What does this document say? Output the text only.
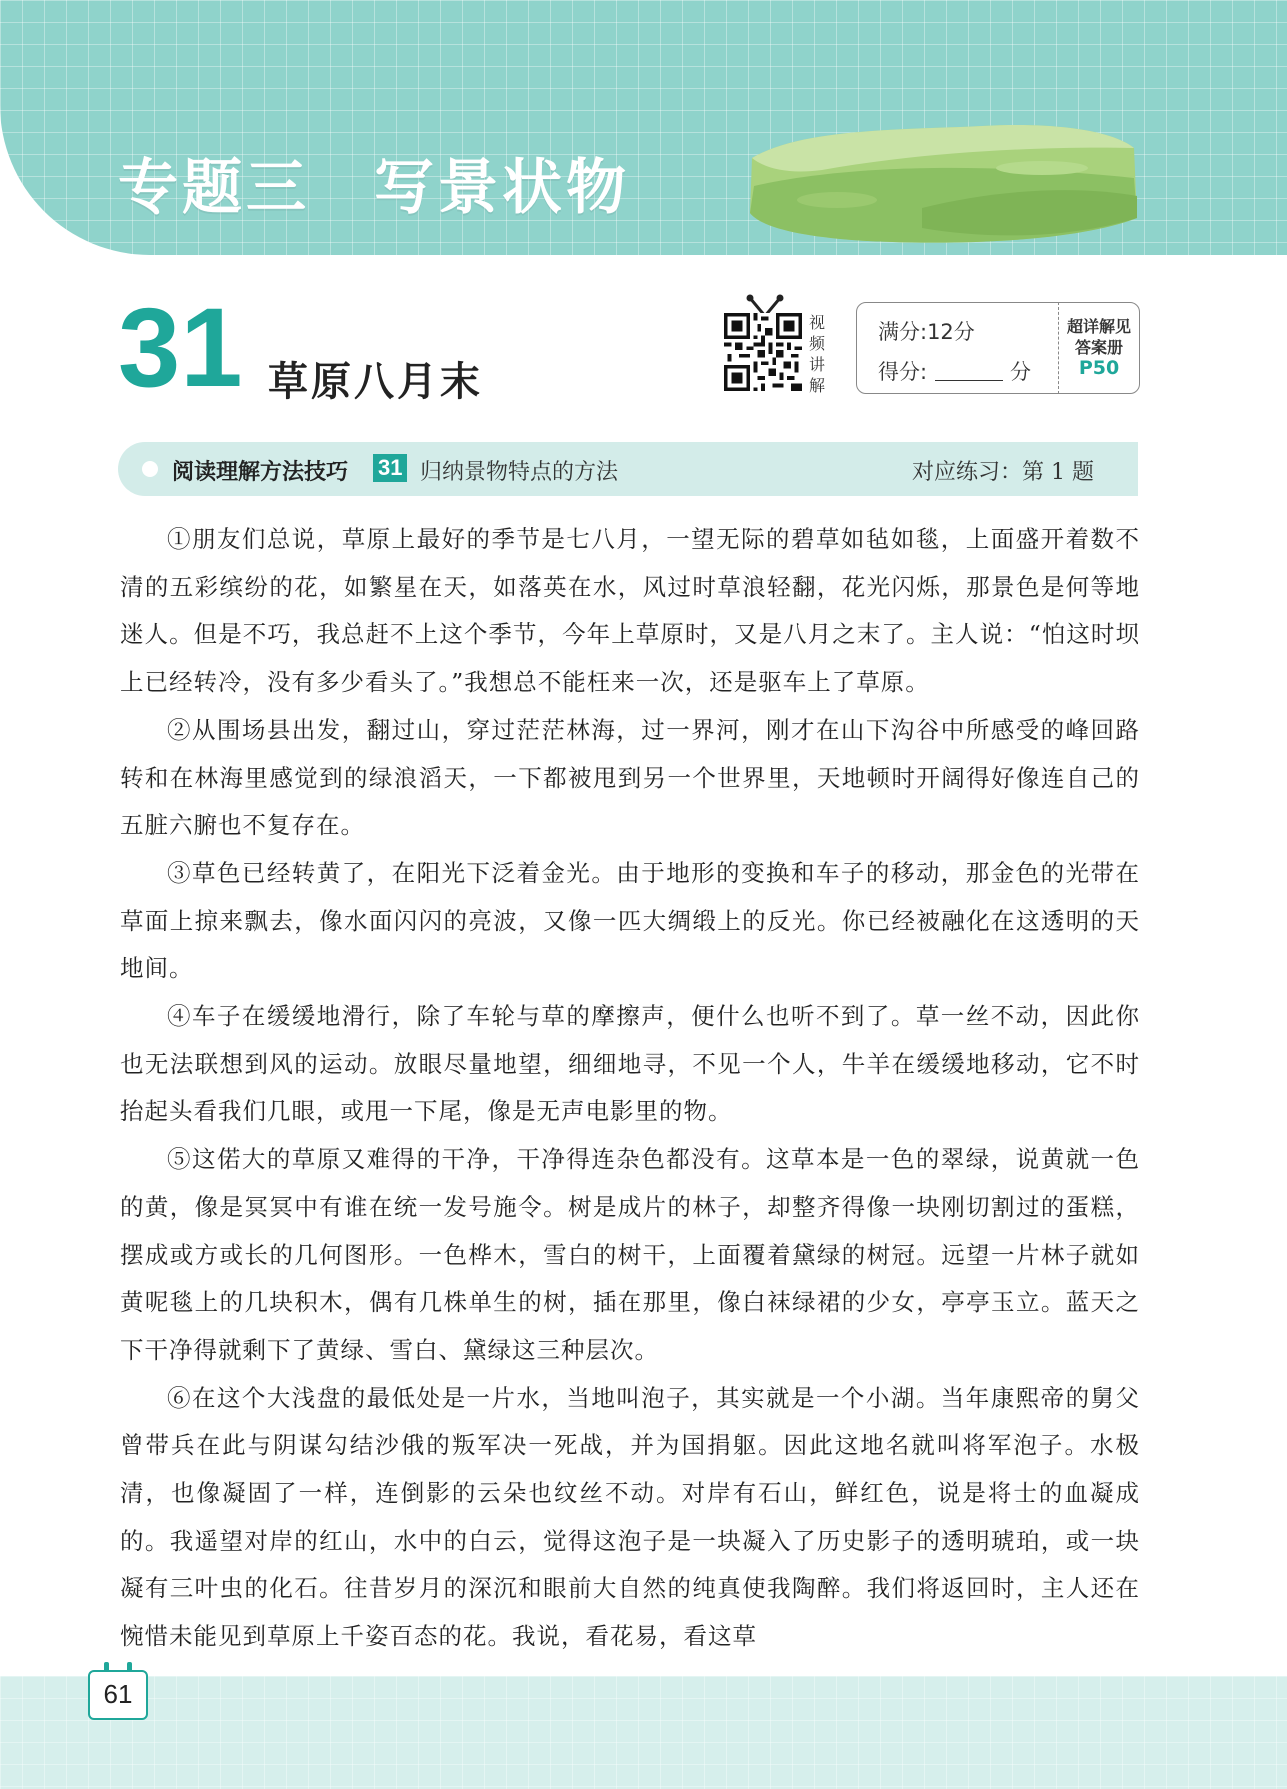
专题三　写景状物
31 草原八月末
视
频
讲
解
满分:12分
得分:	分
超详解见
答案册
P50
阅读理解方法技巧 31 归纳景物特点的方法	对应练习：第 1 题

①朋友们总说，草原上最好的季节是七八月，一望无际的碧草如毡如毯，上面盛开着数不清的五彩缤纷的花，如繁星在天，如落英在水，风过时草浪轻翻，花光闪烁，那景色是何等地迷人。但是不巧，我总赶不上这个季节，今年上草原时，又是八月之末了。主人说：“怕这时坝上已经转冷，没有多少看头了。”我想总不能枉来一次，还是驱车上了草原。

②从围场县出发，翻过山，穿过茫茫林海，过一界河，刚才在山下沟谷中所感受的峰回路转和在林海里感觉到的绿浪滔天，一下都被甩到另一个世界里，天地顿时开阔得好像连自己的五脏六腑也不复存在。

③草色已经转黄了，在阳光下泛着金光。由于地形的变换和车子的移动，那金色的光带在草面上掠来飘去，像水面闪闪的亮波，又像一匹大绸缎上的反光。你已经被融化在这透明的天地间。

④车子在缓缓地滑行，除了车轮与草的摩擦声，便什么也听不到了。草一丝不动，因此你也无法联想到风的运动。放眼尽量地望，细细地寻，不见一个人，牛羊在缓缓地移动，它不时抬起头看我们几眼，或甩一下尾，像是无声电影里的物。

⑤这偌大的草原又难得的干净，干净得连杂色都没有。这草本是一色的翠绿，说黄就一色的黄，像是冥冥中有谁在统一发号施令。树是成片的林子，却整齐得像一块刚切割过的蛋糕，摆成或方或长的几何图形。一色桦木，雪白的树干，上面覆着黛绿的树冠。远望一片林子就如黄呢毯上的几块积木，偶有几株单生的树，插在那里，像白袜绿裙的少女，亭亭玉立。蓝天之下干净得就剩下了黄绿、雪白、黛绿这三种层次。

⑥在这个大浅盘的最低处是一片水，当地叫泡子，其实就是一个小湖。当年康熙帝的舅父曾带兵在此与阴谋勾结沙俄的叛军决一死战，并为国捐躯。因此这地名就叫将军泡子。水极清，也像凝固了一样，连倒影的云朵也纹丝不动。对岸有石山，鲜红色，说是将士的血凝成的。我遥望对岸的红山，水中的白云，觉得这泡子是一块凝入了历史影子的透明琥珀，或一块凝有三叶虫的化石。往昔岁月的深沉和眼前大自然的纯真使我陶醉。我们将返回时，主人还在惋惜未能见到草原上千姿百态的花。我说，看花易，看这草

61
